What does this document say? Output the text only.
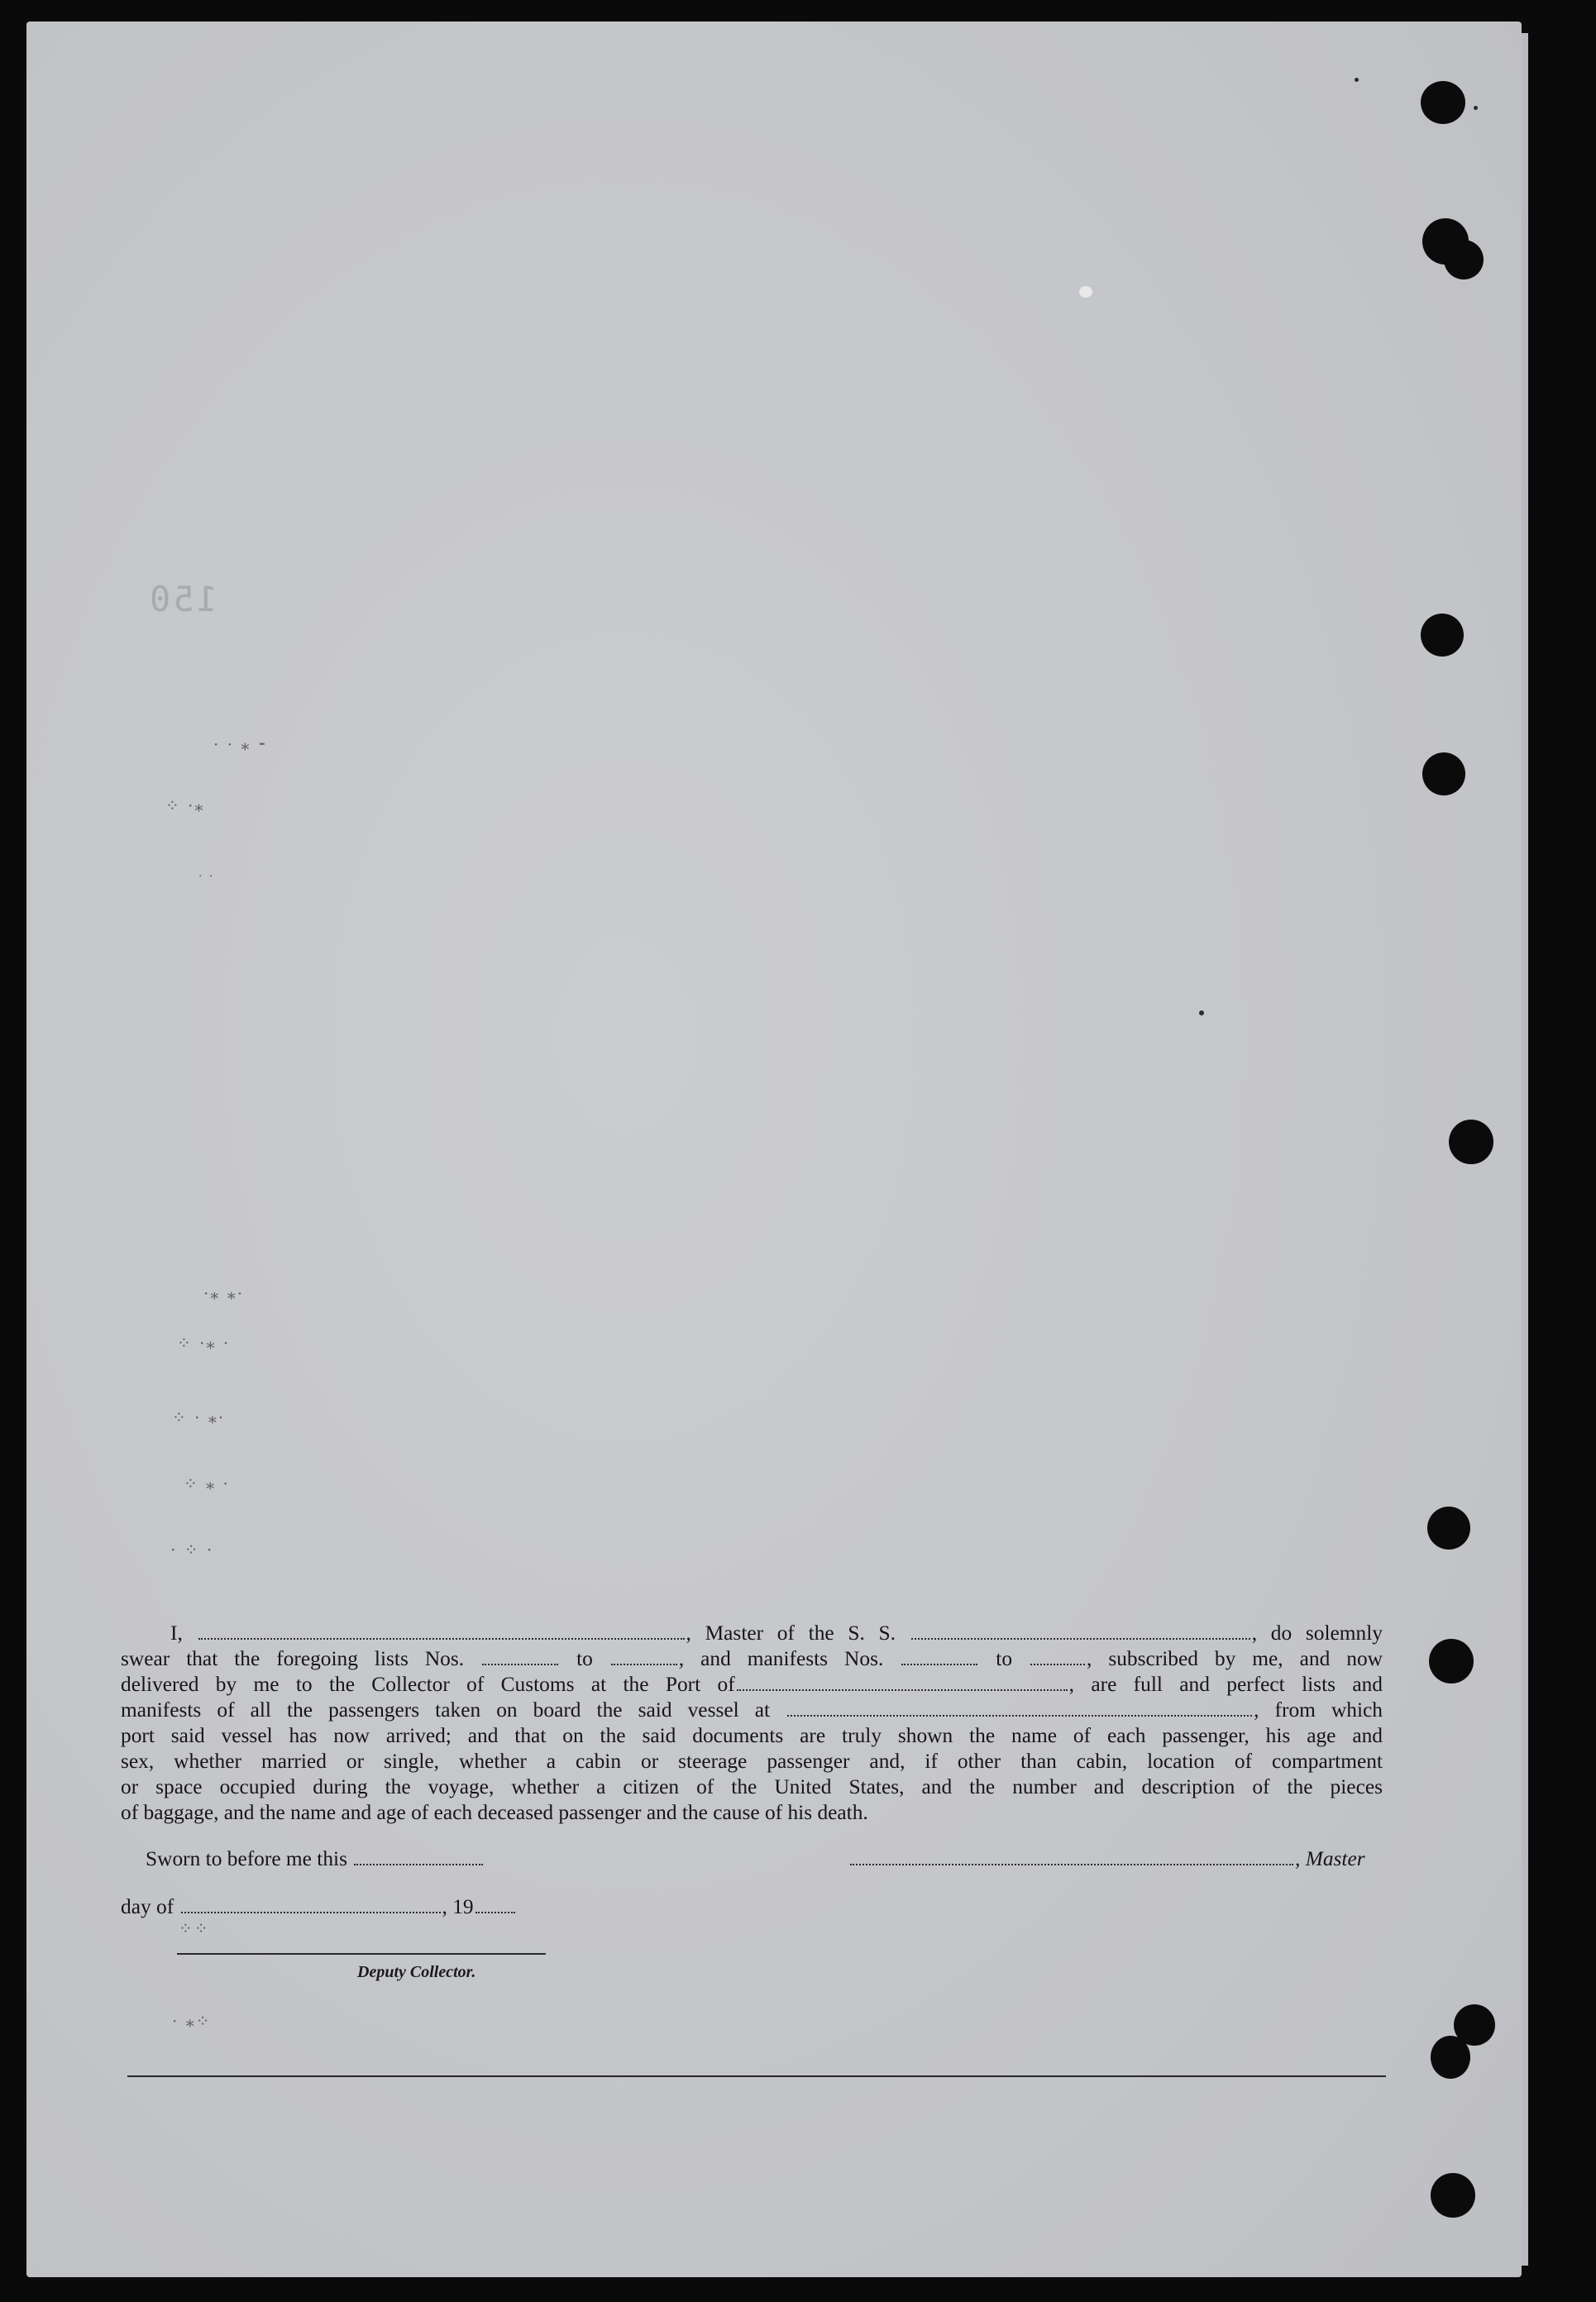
150
· · ⁎ ⁃
⁘ ·⁎
· ·
·⁎ ⁎·
⁘ ·⁎ ·
⁘ · ⁎·
⁘ ⁎ ·
· ⁘ ·
⁘⁘
· ⁎⁘
I,	, Master of the S. S.	, do solemnly
swear that the foregoing lists Nos.	to	, and manifests Nos.	to	, subscribed by me, and now
delivered by me to the Collector of Customs at the Port of	, are full and perfect lists and
manifests of all the passengers taken on board the said vessel at	, from which
port said vessel has now arrived; and that on the said documents are truly shown the name of each passenger, his age and
sex, whether married or single, whether a cabin or steerage passenger and, if other than cabin, location of compartment
or space occupied during the voyage, whether a citizen of the United States, and the number and description of the pieces
of baggage, and the name and age of each deceased passenger and the cause of his death.
Sworn to before me this	, Master
day of	, 19
Deputy Collector.
